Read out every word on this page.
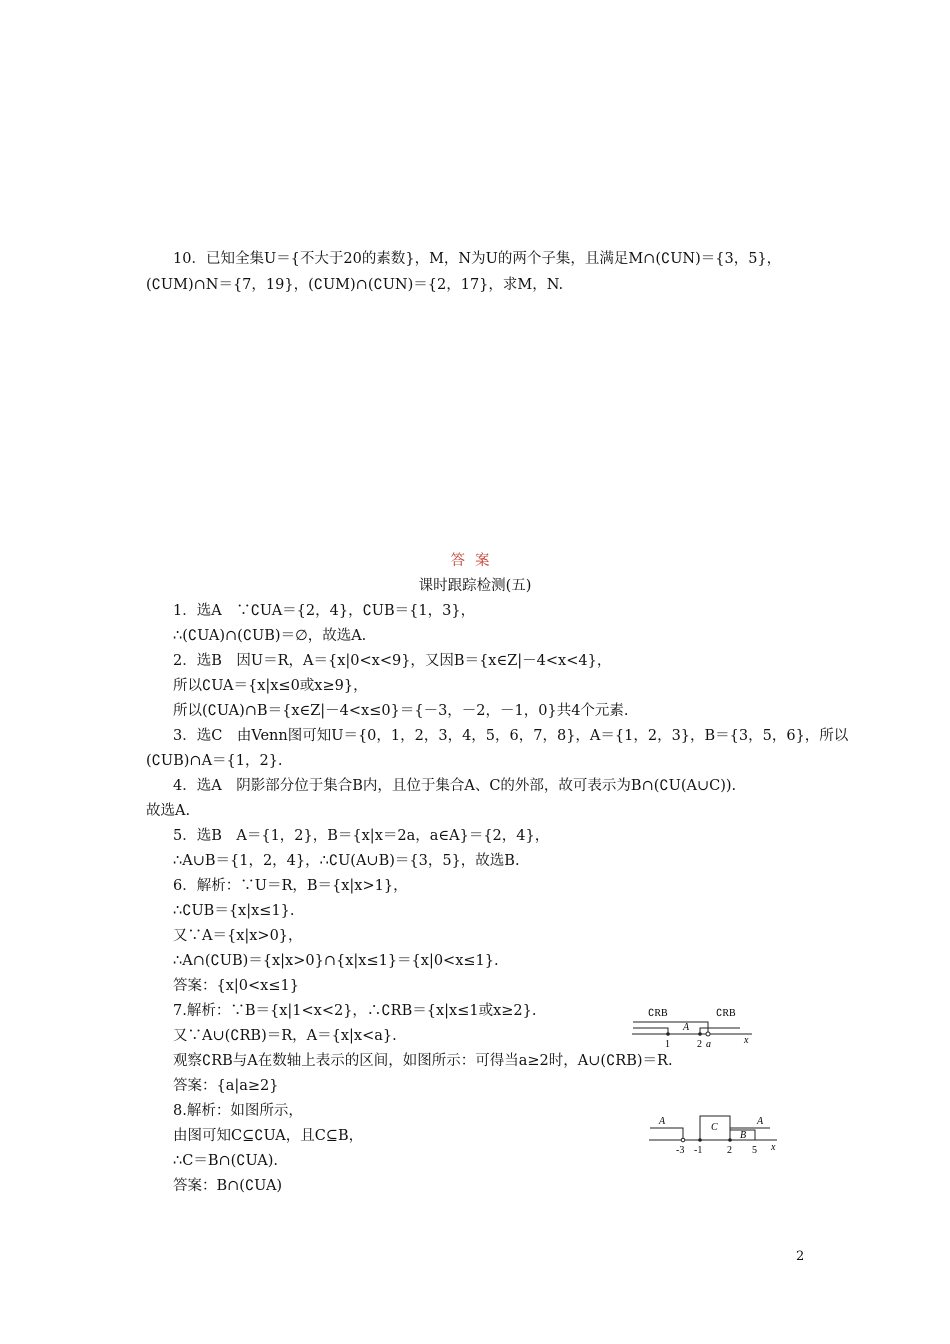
10．已知全集U＝{不大于20的素数}，M，N为U的两个子集，且满足M∩(∁UN)＝{3，5}，
(∁UM)∩N＝{7，19}，(∁UM)∩(∁UN)＝{2，17}，求M，N.
答案
课时跟踪检测(五)
1．选A　∵∁UA＝{2，4}，∁UB＝{1，3}，
∴(∁UA)∩(∁UB)＝∅，故选A.
2．选B　因U＝R，A＝{x|0<x<9}，又因B＝{x∈Z|－4<x<4}，
所以∁UA＝{x|x≤0或x≥9}，
所以(∁UA)∩B＝{x∈Z|－4<x≤0}＝{－3，－2，－1，0}共4个元素.
3．选C　由Venn图可知U＝{0，1，2，3，4，5，6，7，8}，A＝{1，2，3}，B＝{3，5，6}，所以
(∁UB)∩A＝{1，2}.
4．选A　阴影部分位于集合B内，且位于集合A、C的外部，故可表示为B∩(∁U(A∪C)).
故选A.
5．选B　A＝{1，2}，B＝{x|x＝2a，a∈A}＝{2，4}，
∴A∪B＝{1，2，4}，∴∁U(A∪B)＝{3，5}，故选B.
6．解析：∵U＝R，B＝{x|x>1}，
∴∁UB＝{x|x≤1}.
又∵A＝{x|x>0}，
∴A∩(∁UB)＝{x|x>0}∩{x|x≤1}＝{x|0<x≤1}.
答案：{x|0<x≤1}
7.解析：∵B＝{x|1<x<2}，∴∁RB＝{x|x≤1或x≥2}.
又∵A∪(∁RB)＝R，A＝{x|x<a}.
观察∁RB与A在数轴上表示的区间，如图所示：可得当a≥2时，A∪(∁RB)＝R.
答案：{a|a≥2}
8.解析：如图所示，
由图可知C⊆∁UA，且C⊆B，
∴C＝B∩(∁UA).
答案：B∩(∁UA)
∁RB	∁RB
A
1	2 a	x
A
C
A
B
-3 -1 2 5 x
2
